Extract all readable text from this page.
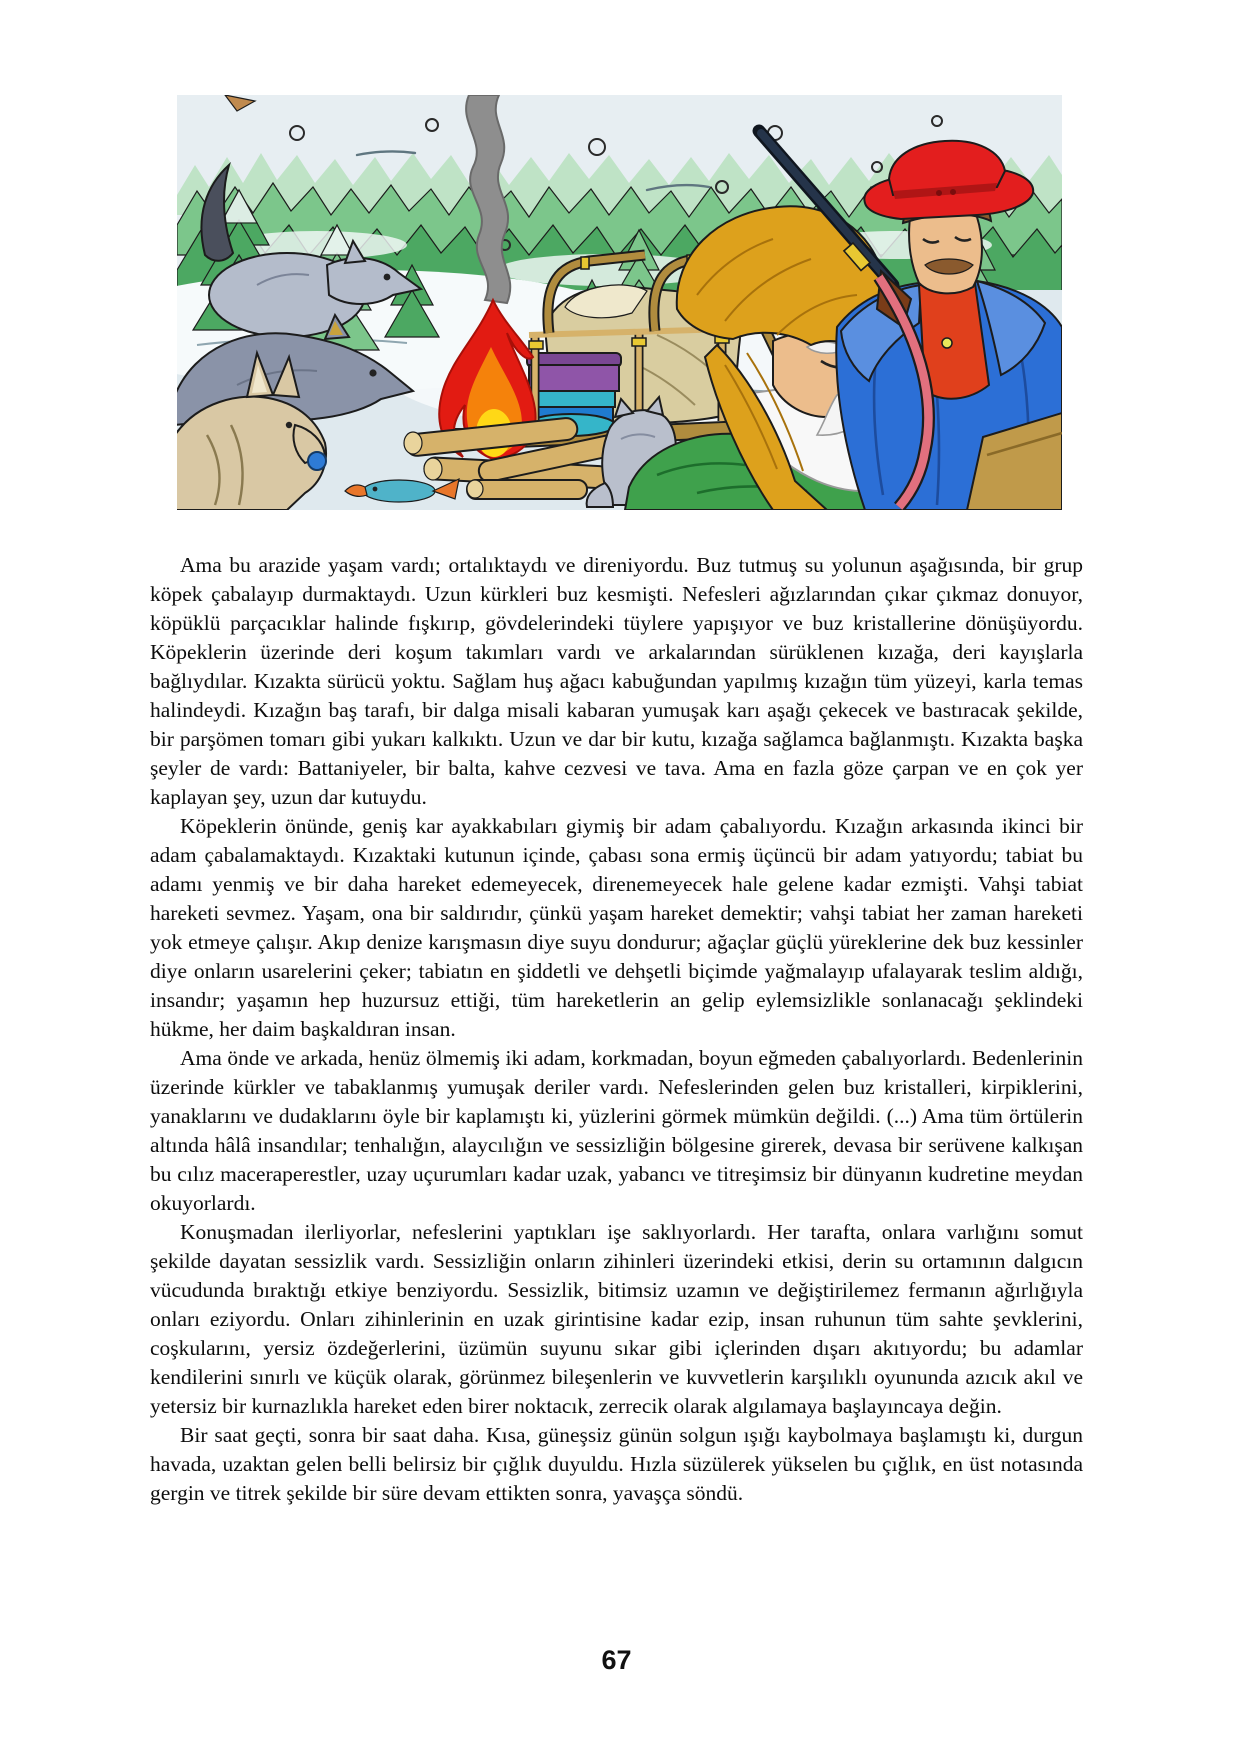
Ama bu arazide yaşam vardı; ortalıktaydı ve direniyordu. Buz tutmuş su yolunun aşağısında, bir grup köpek çabalayıp durmaktaydı. Uzun kürkleri buz kesmişti. Nefesleri ağızlarından çıkar çıkmaz donuyor, köpüklü parçacıklar halinde fışkırıp, gövdelerindeki tüylere yapışıyor ve buz kristallerine dönüşüyordu. Köpeklerin üzerinde deri koşum takımları vardı ve arkalarından sürüklenen kızağa, deri kayışlarla bağlıydılar. Kızakta sürücü yoktu. Sağlam huş ağacı kabuğundan yapılmış kızağın tüm yüzeyi, karla temas halindeydi. Kızağın baş tarafı, bir dalga misali kabaran yumuşak karı aşağı çekecek ve bastıracak şekilde, bir parşömen tomarı gibi yukarı kalkıktı. Uzun ve dar bir kutu, kızağa sağlamca bağlanmıştı. Kızakta başka şeyler de vardı: Battaniyeler, bir balta, kahve cezvesi ve tava. Ama en fazla göze çarpan ve en çok yer kaplayan şey, uzun dar kutuydu.

Köpeklerin önünde, geniş kar ayakkabıları giymiş bir adam çabalıyordu. Kızağın arkasında ikinci bir adam çabalamaktaydı. Kızaktaki kutunun içinde, çabası sona ermiş üçüncü bir adam yatıyordu; tabiat bu adamı yenmiş ve bir daha hareket edemeyecek, direnemeyecek hale gelene kadar ezmişti. Vahşi tabiat hareketi sevmez. Yaşam, ona bir saldırıdır, çünkü yaşam hareket demektir; vahşi tabiat her zaman hareketi yok etmeye çalışır. Akıp denize karışmasın diye suyu dondurur; ağaçlar güçlü yüreklerine dek buz kessinler diye onların usarelerini çeker; tabiatın en şiddetli ve dehşetli biçimde yağmalayıp ufalayarak teslim aldığı, insandır; yaşamın hep huzursuz ettiği, tüm hareketlerin an gelip eylemsizlikle sonlanacağı şeklindeki hükme, her daim başkaldıran insan.

Ama önde ve arkada, henüz ölmemiş iki adam, korkmadan, boyun eğmeden çabalıyorlardı. Bedenlerinin üzerinde kürkler ve tabaklanmış yumuşak deriler vardı. Nefeslerinden gelen buz kristalleri, kirpiklerini, yanaklarını ve dudaklarını öyle bir kaplamıştı ki, yüzlerini görmek mümkün değildi. (...) Ama tüm örtülerin altında hâlâ insandılar; tenhalığın, alaycılığın ve sessizliğin bölgesine girerek, devasa bir serüvene kalkışan bu cılız maceraperestler, uzay uçurumları kadar uzak, yabancı ve titreşimsiz bir dünyanın kudretine meydan okuyorlardı.

Konuşmadan ilerliyorlar, nefeslerini yaptıkları işe saklıyorlardı. Her tarafta, onlara varlığını somut şekilde dayatan sessizlik vardı. Sessizliğin onların zihinleri üzerindeki etkisi, derin su ortamının dalgıcın vücudunda bıraktığı etkiye benziyordu. Sessizlik, bitimsiz uzamın ve değiştirilemez fermanın ağırlığıyla onları eziyordu. Onları zihinlerinin en uzak girintisine kadar ezip, insan ruhunun tüm sahte şevklerini, coşkularını, yersiz özdeğerlerini, üzümün suyunu sıkar gibi içlerinden dışarı akıtıyordu; bu adamlar kendilerini sınırlı ve küçük olarak, görünmez bileşenlerin ve kuvvetlerin karşılıklı oyununda azıcık akıl ve yetersiz bir kurnazlıkla hareket eden birer noktacık, zerrecik olarak algılamaya başlayıncaya değin.

Bir saat geçti, sonra bir saat daha. Kısa, güneşsiz günün solgun ışığı kaybolmaya başlamıştı ki, durgun havada, uzaktan gelen belli belirsiz bir çığlık duyuldu. Hızla süzülerek yükselen bu çığlık, en üst notasında gergin ve titrek şekilde bir süre devam ettikten sonra, yavaşça söndü.

67
